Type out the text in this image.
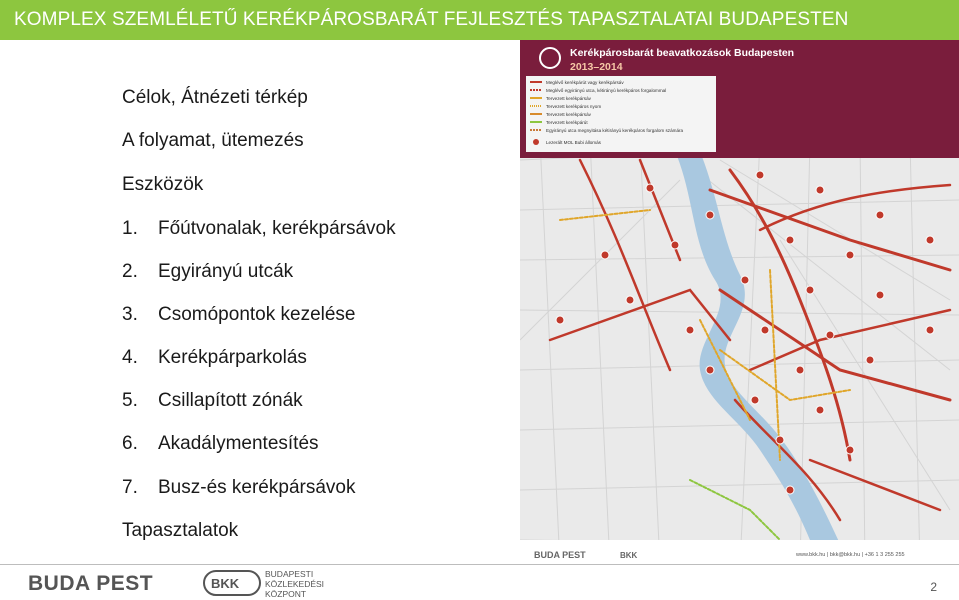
KOMPLEX SZEMLÉLETŰ KERÉKPÁROSBARÁT FEJLESZTÉS TAPASZTALATAI BUDAPESTEN
Célok, Átnézeti térkép
A folyamat, ütemezés
Eszközök
1. Főútvonalak, kerékpársávok
2. Egyirányú utcák
3. Csomópontok kezelése
4. Kerékpárparkolás
5. Csillapított zónák
6. Akadálymentesítés
7. Busz-és kerékpársávok
Tapasztalatok
Kerékpárosbarát beavatkozások Budapesten
2013–2014
Meglévő kerékpárút vagy kerékpársáv
Meglévő egyirányú utca, kétirányú kerékpáros forgalommal
Tervezett kerékpársáv
Tervezett kerékpáros nyom
Tervezett kerékpársáv
Tervezett kerékpárút
Egyirányú utca megnyitása kétirányú kerékpáros forgalom számára
Lezerált MOL Bubi állomás
BUDA PEST	BKK	www.bkk.hu | bkk@bkk.hu | +36 1 3 255 255
BUDA PEST	BKK
BUDAPESTI
KÖZLEKEDÉSI
KÖZPONT	2
